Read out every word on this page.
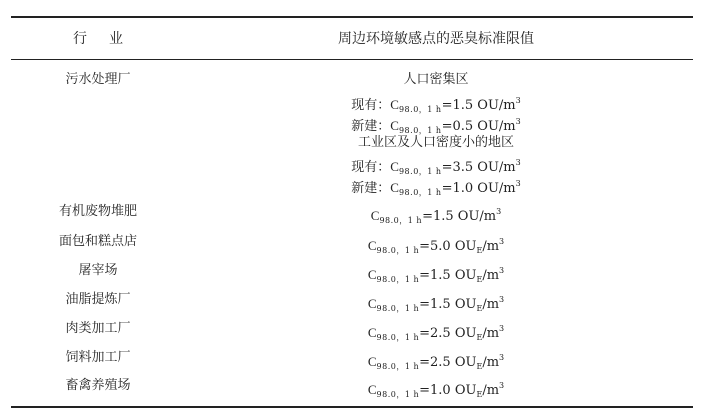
行业	周边环境敏感点的恶臭标准限值
污水处理厂	人口密集区
现有：$C_{98.0,1 h}=1.5$ $OU/m^3$
新建：$C_{98.0,1 h}=0.5$ $OU/m^3$
工业区及人口密度小的地区
现有：$C_{98.0,1 h}=3.5$ $OU/m^3$
新建：$C_{98.0,1 h}=1.0$ $OU/m^3$
有机废物堆肥	$C_{98.0,1 h}=1.5$ $OU/m^3$
面包和糕点店	$C_{98.0,1 h}=5.0$ $OU_E/m^3$
屠宰场	$C_{98.0,1 h}=1.5$ $OU_E/m^3$
油脂提炼厂	$C_{98.0,1 h}=1.5$ $OU_E/m^3$
肉类加工厂	$C_{98.0,1 h}=2.5$ $OU_E/m^3$
饲料加工厂	$C_{98.0,1 h}=2.5$ $OU_E/m^3$
畜禽养殖场	$C_{98.0,1 h}=1.0$ $OU_E/m^3$
